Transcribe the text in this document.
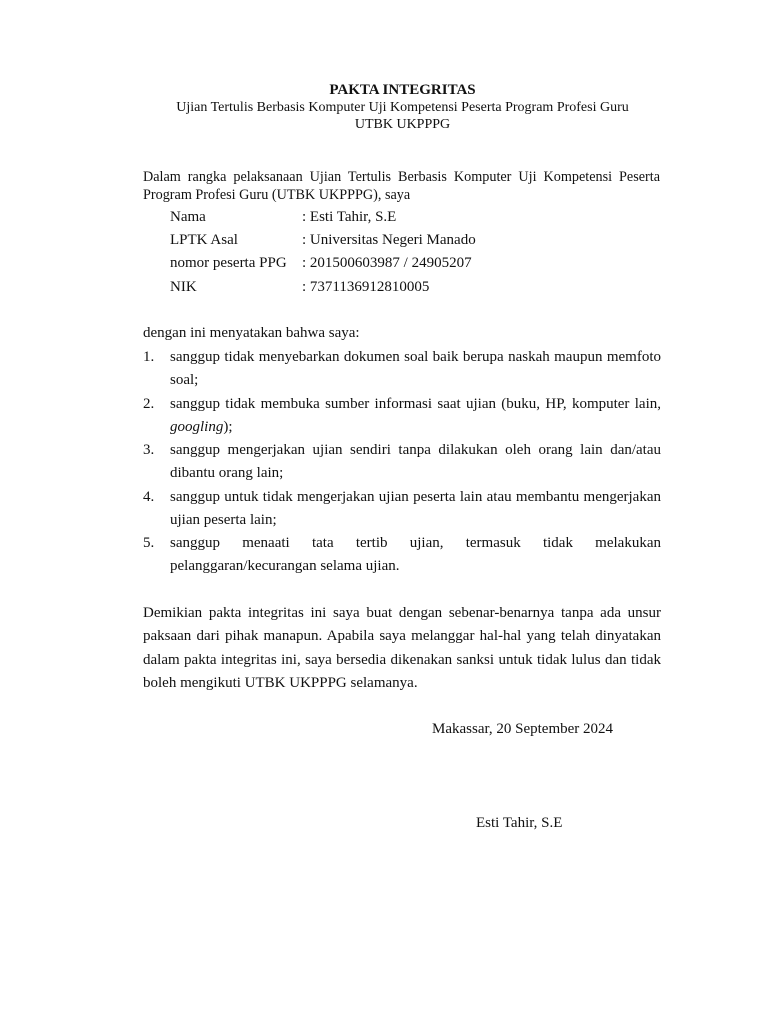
PAKTA INTEGRITAS
Ujian Tertulis Berbasis Komputer Uji Kompetensi Peserta Program Profesi Guru
UTBK UKPPPG
Dalam rangka pelaksanaan Ujian Tertulis Berbasis Komputer Uji Kompetensi Peserta
Program Profesi Guru (UTBK UKPPPG), saya
Nama	: Esti Tahir, S.E
LPTK Asal	: Universitas Negeri Manado
nomor peserta PPG : 201500603987 / 24905207
NIK	: 7371136912810005
dengan ini menyatakan bahwa saya:
1. sanggup tidak menyebarkan dokumen soal baik berupa naskah maupun memfoto
soal;
2. sanggup tidak membuka sumber informasi saat ujian (buku, HP, komputer lain,
googling);
3. sanggup mengerjakan ujian sendiri tanpa dilakukan oleh orang lain dan/atau
dibantu orang lain;
4. sanggup untuk tidak mengerjakan ujian peserta lain atau membantu mengerjakan
ujian peserta lain;
5. sanggup menaati tata tertib ujian, termasuk tidak melakukan
pelanggaran/kecurangan selama ujian.
Demikian pakta integritas ini saya buat dengan sebenar-benarnya tanpa ada unsur
paksaan dari pihak manapun. Apabila saya melanggar hal-hal yang telah dinyatakan
dalam pakta integritas ini, saya bersedia dikenakan sanksi untuk tidak lulus dan tidak
boleh mengikuti UTBK UKPPPG selamanya.
Makassar, 20 September 2024
Esti Tahir, S.E
